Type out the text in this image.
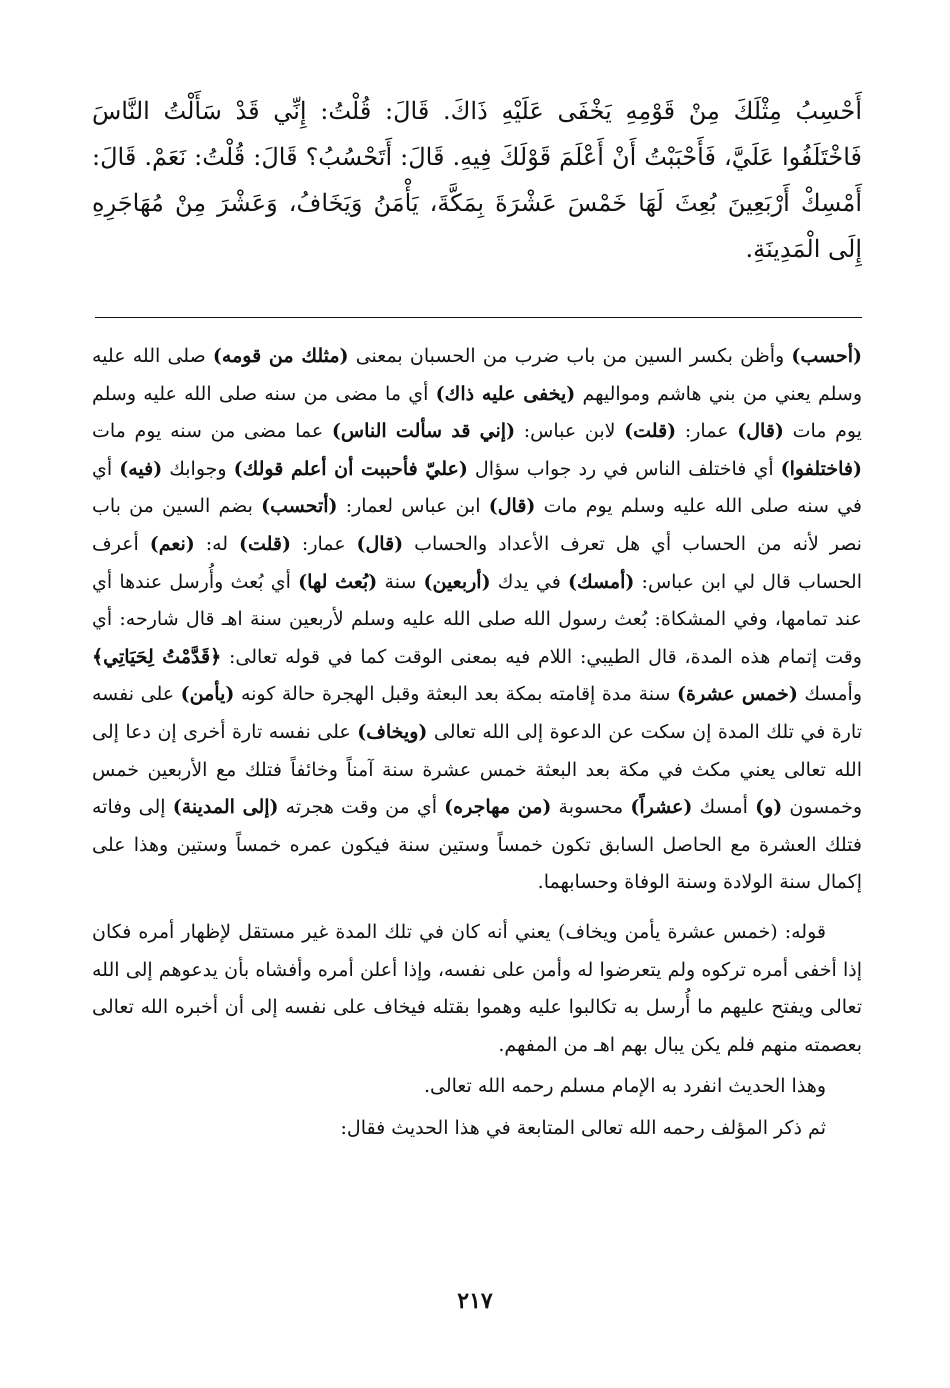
أَحْسِبُ مِثْلَكَ مِنْ قَوْمِهِ يَخْفَى عَلَيْهِ ذَاكَ. قَالَ: قُلْتُ: إِنِّي قَدْ سَأَلْتُ النَّاسَ فَاخْتَلَفُوا عَلَيَّ، فَأَحْبَبْتُ أَنْ أَعْلَمَ قَوْلَكَ فِيهِ. قَالَ: أَتَحْسُبُ؟ قَالَ: قُلْتُ: نَعَمْ. قَالَ: أَمْسِكْ أَرْبَعِينَ بُعِثَ لَهَا خَمْسَ عَشْرَةَ بِمَكَّةَ، يَأْمَنُ وَيَخَافُ، وَعَشْرَ مِنْ مُهَاجَرِهِ إِلَى الْمَدِينَةِ.

(أحسب) وأظن بكسر السين من باب ضرب من الحسبان بمعنى (مثلك من قومه) صلى الله عليه وسلم يعني من بني هاشم ومواليهم (يخفى عليه ذاك) أي ما مضى من سنه صلى الله عليه وسلم يوم مات (قال) عمار: (قلت) لابن عباس: (إني قد سألت الناس) عما مضى من سنه يوم مات (فاختلفوا) أي فاختلف الناس في رد جواب سؤال (عليّ فأحببت أن أعلم قولك) وجوابك (فيه) أي في سنه صلى الله عليه وسلم يوم مات (قال) ابن عباس لعمار: (أتحسب) بضم السين من باب نصر لأنه من الحساب أي هل تعرف الأعداد والحساب (قال) عمار: (قلت) له: (نعم) أعرف الحساب قال لي ابن عباس: (أمسك) في يدك (أربعين) سنة (بُعث لها) أي بُعث وأُرسل عندها أي عند تمامها، وفي المشكاة: بُعث رسول الله صلى الله عليه وسلم لأربعين سنة اهـ قال شارحه: أي وقت إتمام هذه المدة، قال الطيبي: اللام فيه بمعنى الوقت كما في قوله تعالى: ﴿قَدَّمْتُ لِحَيَاتِي﴾ وأمسك (خمس عشرة) سنة مدة إقامته بمكة بعد البعثة وقبل الهجرة حالة كونه (يأمن) على نفسه تارة في تلك المدة إن سكت عن الدعوة إلى الله تعالى (ويخاف) على نفسه تارة أخرى إن دعا إلى الله تعالى يعني مكث في مكة بعد البعثة خمس عشرة سنة آمناً وخائفاً فتلك مع الأربعين خمس وخمسون (و) أمسك (عشراً) محسوبة (من مهاجره) أي من وقت هجرته (إلى المدينة) إلى وفاته فتلك العشرة مع الحاصل السابق تكون خمساً وستين سنة فيكون عمره خمساً وستين وهذا على إكمال سنة الولادة وسنة الوفاة وحسابهما.

قوله: (خمس عشرة يأمن ويخاف) يعني أنه كان في تلك المدة غير مستقل لإظهار أمره فكان إذا أخفى أمره تركوه ولم يتعرضوا له وأمن على نفسه، وإذا أعلن أمره وأفشاه بأن يدعوهم إلى الله تعالى ويفتح عليهم ما أُرسل به تكالبوا عليه وهموا بقتله فيخاف على نفسه إلى أن أخبره الله تعالى بعصمته منهم فلم يكن يبال بهم اهـ من المفهم.

وهذا الحديث انفرد به الإمام مسلم رحمه الله تعالى.

ثم ذكر المؤلف رحمه الله تعالى المتابعة في هذا الحديث فقال:

٢١٧
